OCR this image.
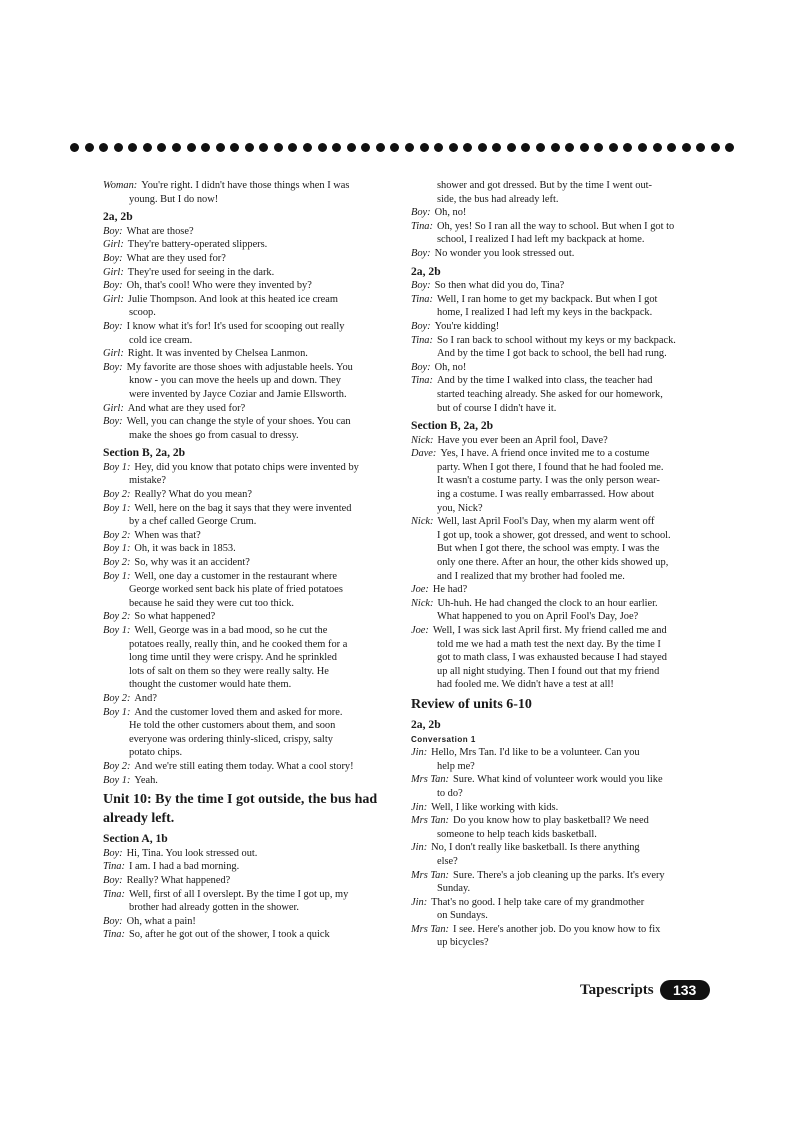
Woman: You're right. I didn't have those things when I was
young. But I do now!
2a, 2b
Boy: What are those?
Girl: They're battery-operated slippers.
Boy: What are they used for?
Girl: They're used for seeing in the dark.
Boy: Oh, that's cool! Who were they invented by?
Girl: Julie Thompson. And look at this heated ice cream
scoop.
Boy: I know what it's for! It's used for scooping out really
cold ice cream.
Girl: Right. It was invented by Chelsea Lanmon.
Boy: My favorite are those shoes with adjustable heels. You
know - you can move the heels up and down. They
were invented by Jayce Coziar and Jamie Ellsworth.
Girl: And what are they used for?
Boy: Well, you can change the style of your shoes. You can
make the shoes go from casual to dressy.
Section B, 2a, 2b
Boy 1: Hey, did you know that potato chips were invented by
mistake?
Boy 2: Really? What do you mean?
Boy 1: Well, here on the bag it says that they were invented
by a chef called George Crum.
Boy 2: When was that?
Boy 1: Oh, it was back in 1853.
Boy 2: So, why was it an accident?
Boy 1: Well, one day a customer in the restaurant where
George worked sent back his plate of fried potatoes
because he said they were cut too thick.
Boy 2: So what happened?
Boy 1: Well, George was in a bad mood, so he cut the
potatoes really, really thin, and he cooked them for a
long time until they were crispy. And he sprinkled
lots of salt on them so they were really salty. He
thought the customer would hate them.
Boy 2: And?
Boy 1: And the customer loved them and asked for more.
He told the other customers about them, and soon
everyone was ordering thinly-sliced, crispy, salty
potato chips.
Boy 2: And we're still eating them today. What a cool story!
Boy 1: Yeah.
Unit 10: By the time I got outside, the bus had already left.
Section A, 1b
Boy: Hi, Tina. You look stressed out.
Tina: I am. I had a bad morning.
Boy: Really? What happened?
Tina: Well, first of all I overslept. By the time I got up, my
brother had already gotten in the shower.
Boy: Oh, what a pain!
Tina: So, after he got out of the shower, I took a quick
shower and got dressed. But by the time I went out-
side, the bus had already left.
Boy: Oh, no!
Tina: Oh, yes! So I ran all the way to school. But when I got to
school, I realized I had left my backpack at home.
Boy: No wonder you look stressed out.
2a, 2b
Boy: So then what did you do, Tina?
Tina: Well, I ran home to get my backpack. But when I got
home, I realized I had left my keys in the backpack.
Boy: You're kidding!
Tina: So I ran back to school without my keys or my backpack.
And by the time I got back to school, the bell had rung.
Boy: Oh, no!
Tina: And by the time I walked into class, the teacher had
started teaching already. She asked for our homework,
but of course I didn't have it.
Section B, 2a, 2b
Nick: Have you ever been an April fool, Dave?
Dave: Yes, I have. A friend once invited me to a costume
party. When I got there, I found that he had fooled me.
It wasn't a costume party. I was the only person wear-
ing a costume. I was really embarrassed. How about
you, Nick?
Nick: Well, last April Fool's Day, when my alarm went off
I got up, took a shower, got dressed, and went to school.
But when I got there, the school was empty. I was the
only one there. After an hour, the other kids showed up,
and I realized that my brother had fooled me.
Joe: He had?
Nick: Uh-huh. He had changed the clock to an hour earlier.
What happened to you on April Fool's Day, Joe?
Joe: Well, I was sick last April first. My friend called me and
told me we had a math test the next day. By the time I
got to math class, I was exhausted because I had stayed
up all night studying. Then I found out that my friend
had fooled me. We didn't have a test at all!
Review of units 6-10
2a, 2b
Conversation 1
Jin: Hello, Mrs Tan. I'd like to be a volunteer. Can you
help me?
Mrs Tan: Sure. What kind of volunteer work would you like
to do?
Jin: Well, I like working with kids.
Mrs Tan: Do you know how to play basketball? We need
someone to help teach kids basketball.
Jin: No, I don't really like basketball. Is there anything
else?
Mrs Tan: Sure. There's a job cleaning up the parks. It's every
Sunday.
Jin: That's no good. I help take care of my grandmother
on Sundays.
Mrs Tan: I see. Here's another job. Do you know how to fix
up bicycles?
Tapescripts	133
